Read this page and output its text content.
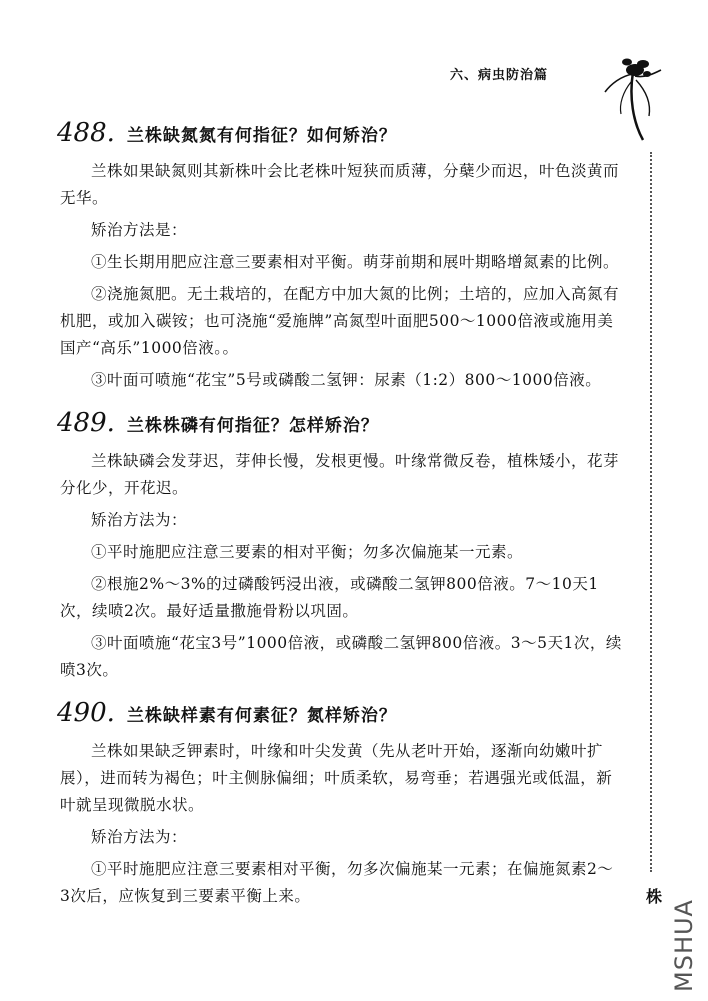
六、病虫防治篇
488. 兰株缺氮氮有何指征？如何矫治？

兰株如果缺氮则其新株叶会比老株叶短狭而质薄，分蘖少而迟，叶色淡黄而无华。

矫治方法是：

①生长期用肥应注意三要素相对平衡。萌芽前期和展叶期略增氮素的比例。

②浇施氮肥。无土栽培的，在配方中加大氮的比例；土培的，应加入高氮有机肥，或加入碳铵；也可浇施“爱施牌”高氮型叶面肥500～1000倍液或施用美国产“高乐”1000倍液。。

③叶面可喷施“花宝”5号或磷酸二氢钾：尿素（1:2）800～1000倍液。

489. 兰株株磷有何指征？怎样矫治？

兰株缺磷会发芽迟，芽伸长慢，发根更慢。叶缘常微反卷，植株矮小，花芽分化少，开花迟。

矫治方法为：

①平时施肥应注意三要素的相对平衡；勿多次偏施某一元素。

②根施2%～3%的过磷酸钙浸出液，或磷酸二氢钾800倍液。7～10天1次，续喷2次。最好适量撒施骨粉以巩固。

③叶面喷施“花宝3号”1000倍液，或磷酸二氢钾800倍液。3～5天1次，续喷3次。

490. 兰株缺样素有何素征？氮样矫治？

兰株如果缺乏钾素时，叶缘和叶尖发黄（先从老叶开始，逐渐向幼嫩叶扩展），进而转为褐色；叶主侧脉偏细；叶质柔软，易弯垂；若遇强光或低温，新叶就呈现微脱水状。

矫治方法为：

①平时施肥应注意三要素相对平衡，勿多次偏施某一元素；在偏施氮素2～3次后，应恢复到三要素平衡上来。	株
MSHUA
